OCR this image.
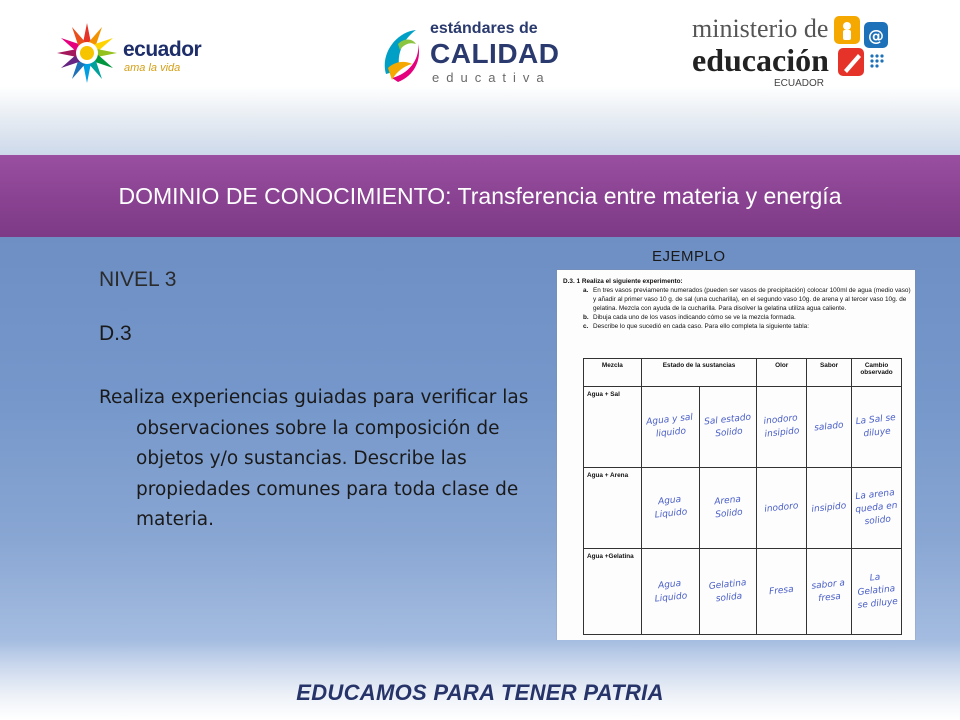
ecuador
ama la vida
estándares de
CALIDAD
educativa
ministerio de
educación
ECUADOR
@
DOMINIO DE CONOCIMIENTO: Transferencia entre materia y energía
NIVEL 3
D.3
Realiza experiencias guiadas para verificar las observaciones sobre la composición de objetos y/o sustancias. Describe las propiedades comunes para toda clase de materia.
EJEMPLO
D.3. 1 Realiza el siguiente experimento:
a. En tres vasos previamente numerados (pueden ser vasos de precipitación) colocar 100ml de agua (medio vaso) y añadir al primer vaso 10 g. de sal (una cucharilla), en el segundo vaso 10g. de arena y al tercer vaso 10g. de gelatina. Mezcla con ayuda de la cucharilla. Para disolver la gelatina utiliza agua caliente.
b. Dibuja cada uno de los vasos indicando cómo se ve la mezcla formada.
c. Describe lo que sucedió en cada caso. Para ello completa la siguiente tabla:
Mezcla	Estado de la sustancias		Olor	Sabor	Cambio observado
Agua + Sal	Agua y sal liquido	Sal estado Solido	inodoro insipido	salado	La Sal se diluye

Agua + Arena	Agua Liquido	Arena Solido	inodoro	insipido	La arena queda en solido

Agua +Gelatina	Agua Liquido	Gelatina solida	Fresa	sabor a fresa	La Gelatina se diluye
EDUCAMOS PARA TENER PATRIA
